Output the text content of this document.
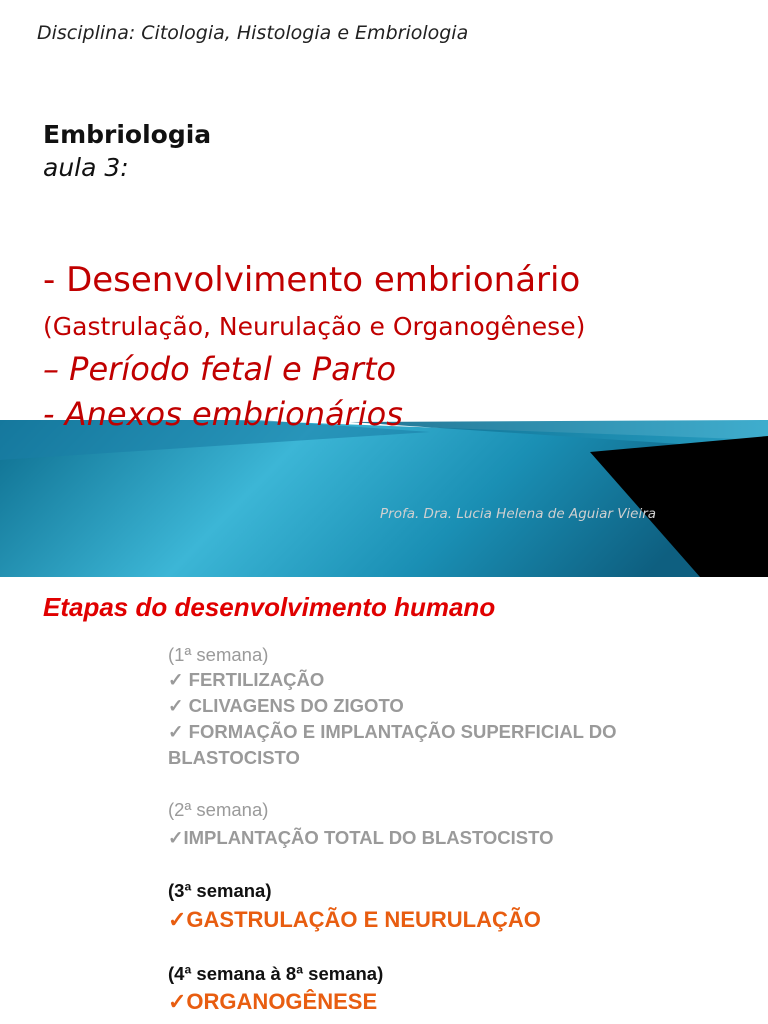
Disciplina: Citologia, Histologia e Embriologia
Embriologia
aula 3:
- Desenvolvimento embrionário
(Gastrulação, Neurulação e Organogênese)
– Período fetal e Parto
- Anexos embrionários
Profa. Dra. Lucia Helena de Aguiar Vieira
Etapas do desenvolvimento humano
(1ª semana)
✓ FERTILIZAÇÃO
✓ CLIVAGENS DO ZIGOTO
✓ FORMAÇÃO E IMPLANTAÇÃO SUPERFICIAL DO
BLASTOCISTO
(2ª semana)
✓IMPLANTAÇÃO TOTAL DO BLASTOCISTO
(3ª semana)
✓GASTRULAÇÃO E NEURULAÇÃO
(4ª semana à 8ª semana)
✓ORGANOGÊNESE
